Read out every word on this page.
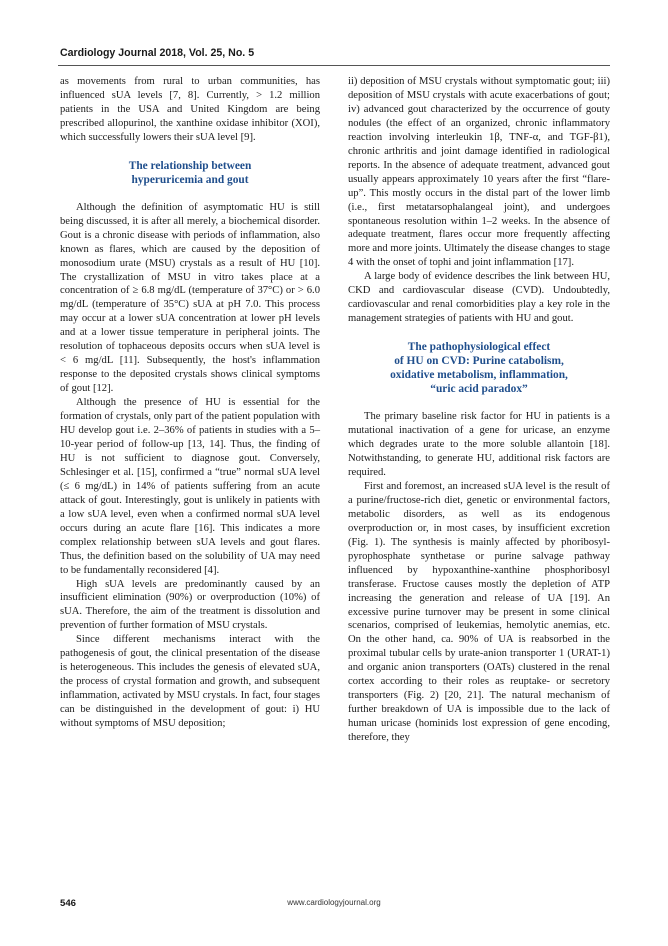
Cardiology Journal 2018, Vol. 25, No. 5

as movements from rural to urban communities, has influenced sUA levels [7, 8]. Currently, > 1.2 million patients in the USA and United Kingdom are being prescribed allopurinol, the xanthine oxidase inhibitor (XOI), which successfully lowers their sUA level [9].

The relationship between
hyperuricemia and gout

Although the definition of asymptomatic HU is still being discussed, it is after all merely, a biochemical disorder. Gout is a chronic disease with periods of inflammation, also known as flares, which are caused by the deposition of monosodium urate (MSU) crystals as a result of HU [10]. The crystallization of MSU in vitro takes place at a concentration of ≥ 6.8 mg/dL (temperature of 37°C) or > 6.0 mg/dL (temperature of 35°C) sUA at pH 7.0. This process may occur at a lower sUA concentration at lower pH levels and at a lower tissue temperature in peripheral joints. The resolution of tophaceous deposits occurs when sUA level is < 6 mg/dL [11]. Subsequently, the host's inflammation response to the deposited crystals shows clinical symptoms of gout [12].

Although the presence of HU is essential for the formation of crystals, only part of the patient population with HU develop gout i.e. 2–36% of patients in studies with a 5–10-year period of follow-up [13, 14]. Thus, the finding of HU is not sufficient to diagnose gout. Conversely, Schlesinger et al. [15], confirmed a “true” normal sUA level (≤ 6 mg/dL) in 14% of patients suffering from an acute attack of gout. Interestingly, gout is unlikely in patients with a low sUA level, even when a confirmed normal sUA level occurs during an acute flare [16]. This indicates a more complex relationship between sUA levels and gout flares. Thus, the definition based on the solubility of UA may need to be fundamentally reconsidered [4].

High sUA levels are predominantly caused by an insufficient elimination (90%) or overproduction (10%) of sUA. Therefore, the aim of the treatment is dissolution and prevention of further formation of MSU crystals.

Since different mechanisms interact with the pathogenesis of gout, the clinical presentation of the disease is heterogeneous. This includes the genesis of elevated sUA, the process of crystal formation and growth, and subsequent inflammation, activated by MSU crystals. In fact, four stages can be distinguished in the development of gout: i) HU without symptoms of MSU deposition;

ii) deposition of MSU crystals without symptomatic gout; iii) deposition of MSU crystals with acute exacerbations of gout; iv) advanced gout characterized by the occurrence of gouty nodules (the effect of an organized, chronic inflammatory reaction involving interleukin 1β, TNF-α, and TGF-β1), chronic arthritis and joint damage identified in radiological reports. In the absence of adequate treatment, advanced gout usually appears approximately 10 years after the first “flare-up”. This mostly occurs in the distal part of the lower limb (i.e., first metatarsophalangeal joint), and undergoes spontaneous resolution within 1–2 weeks. In the absence of adequate treatment, flares occur more frequently affecting more and more joints. Ultimately the disease changes to stage 4 with the onset of tophi and joint inflammation [17].

A large body of evidence describes the link between HU, CKD and cardiovascular disease (CVD). Undoubtedly, cardiovascular and renal comorbidities play a key role in the management strategies of patients with HU and gout.

The pathophysiological effect
of HU on CVD: Purine catabolism,
oxidative metabolism, inflammation,
“uric acid paradox”

The primary baseline risk factor for HU in patients is a mutational inactivation of a gene for uricase, an enzyme which degrades urate to the more soluble allantoin [18]. Notwithstanding, to generate HU, additional risk factors are required.

First and foremost, an increased sUA level is the result of a purine/fructose-rich diet, genetic or environmental factors, metabolic disorders, as well as its endogenous overproduction or, in most cases, by insufficient excretion (Fig. 1). The synthesis is mainly affected by phoribosyl-pyrophosphate synthetase or purine salvage pathway influenced by hypoxanthine-xanthine phosphoribosyl transferase. Fructose causes mostly the depletion of ATP increasing the generation and release of UA [19]. An excessive purine turnover may be present in some clinical scenarios, comprised of leukemias, hemolytic anemias, etc. On the other hand, ca. 90% of UA is reabsorbed in the proximal tubular cells by urate-anion transporter 1 (URAT-1) and organic anion transporters (OATs) clustered in the renal cortex according to their roles as reuptake- or secretory transporters (Fig. 2) [20, 21]. The natural mechanism of further breakdown of UA is impossible due to the lack of human uricase (hominids lost expression of gene encoding, therefore, they

546	www.cardiologyjournal.org
